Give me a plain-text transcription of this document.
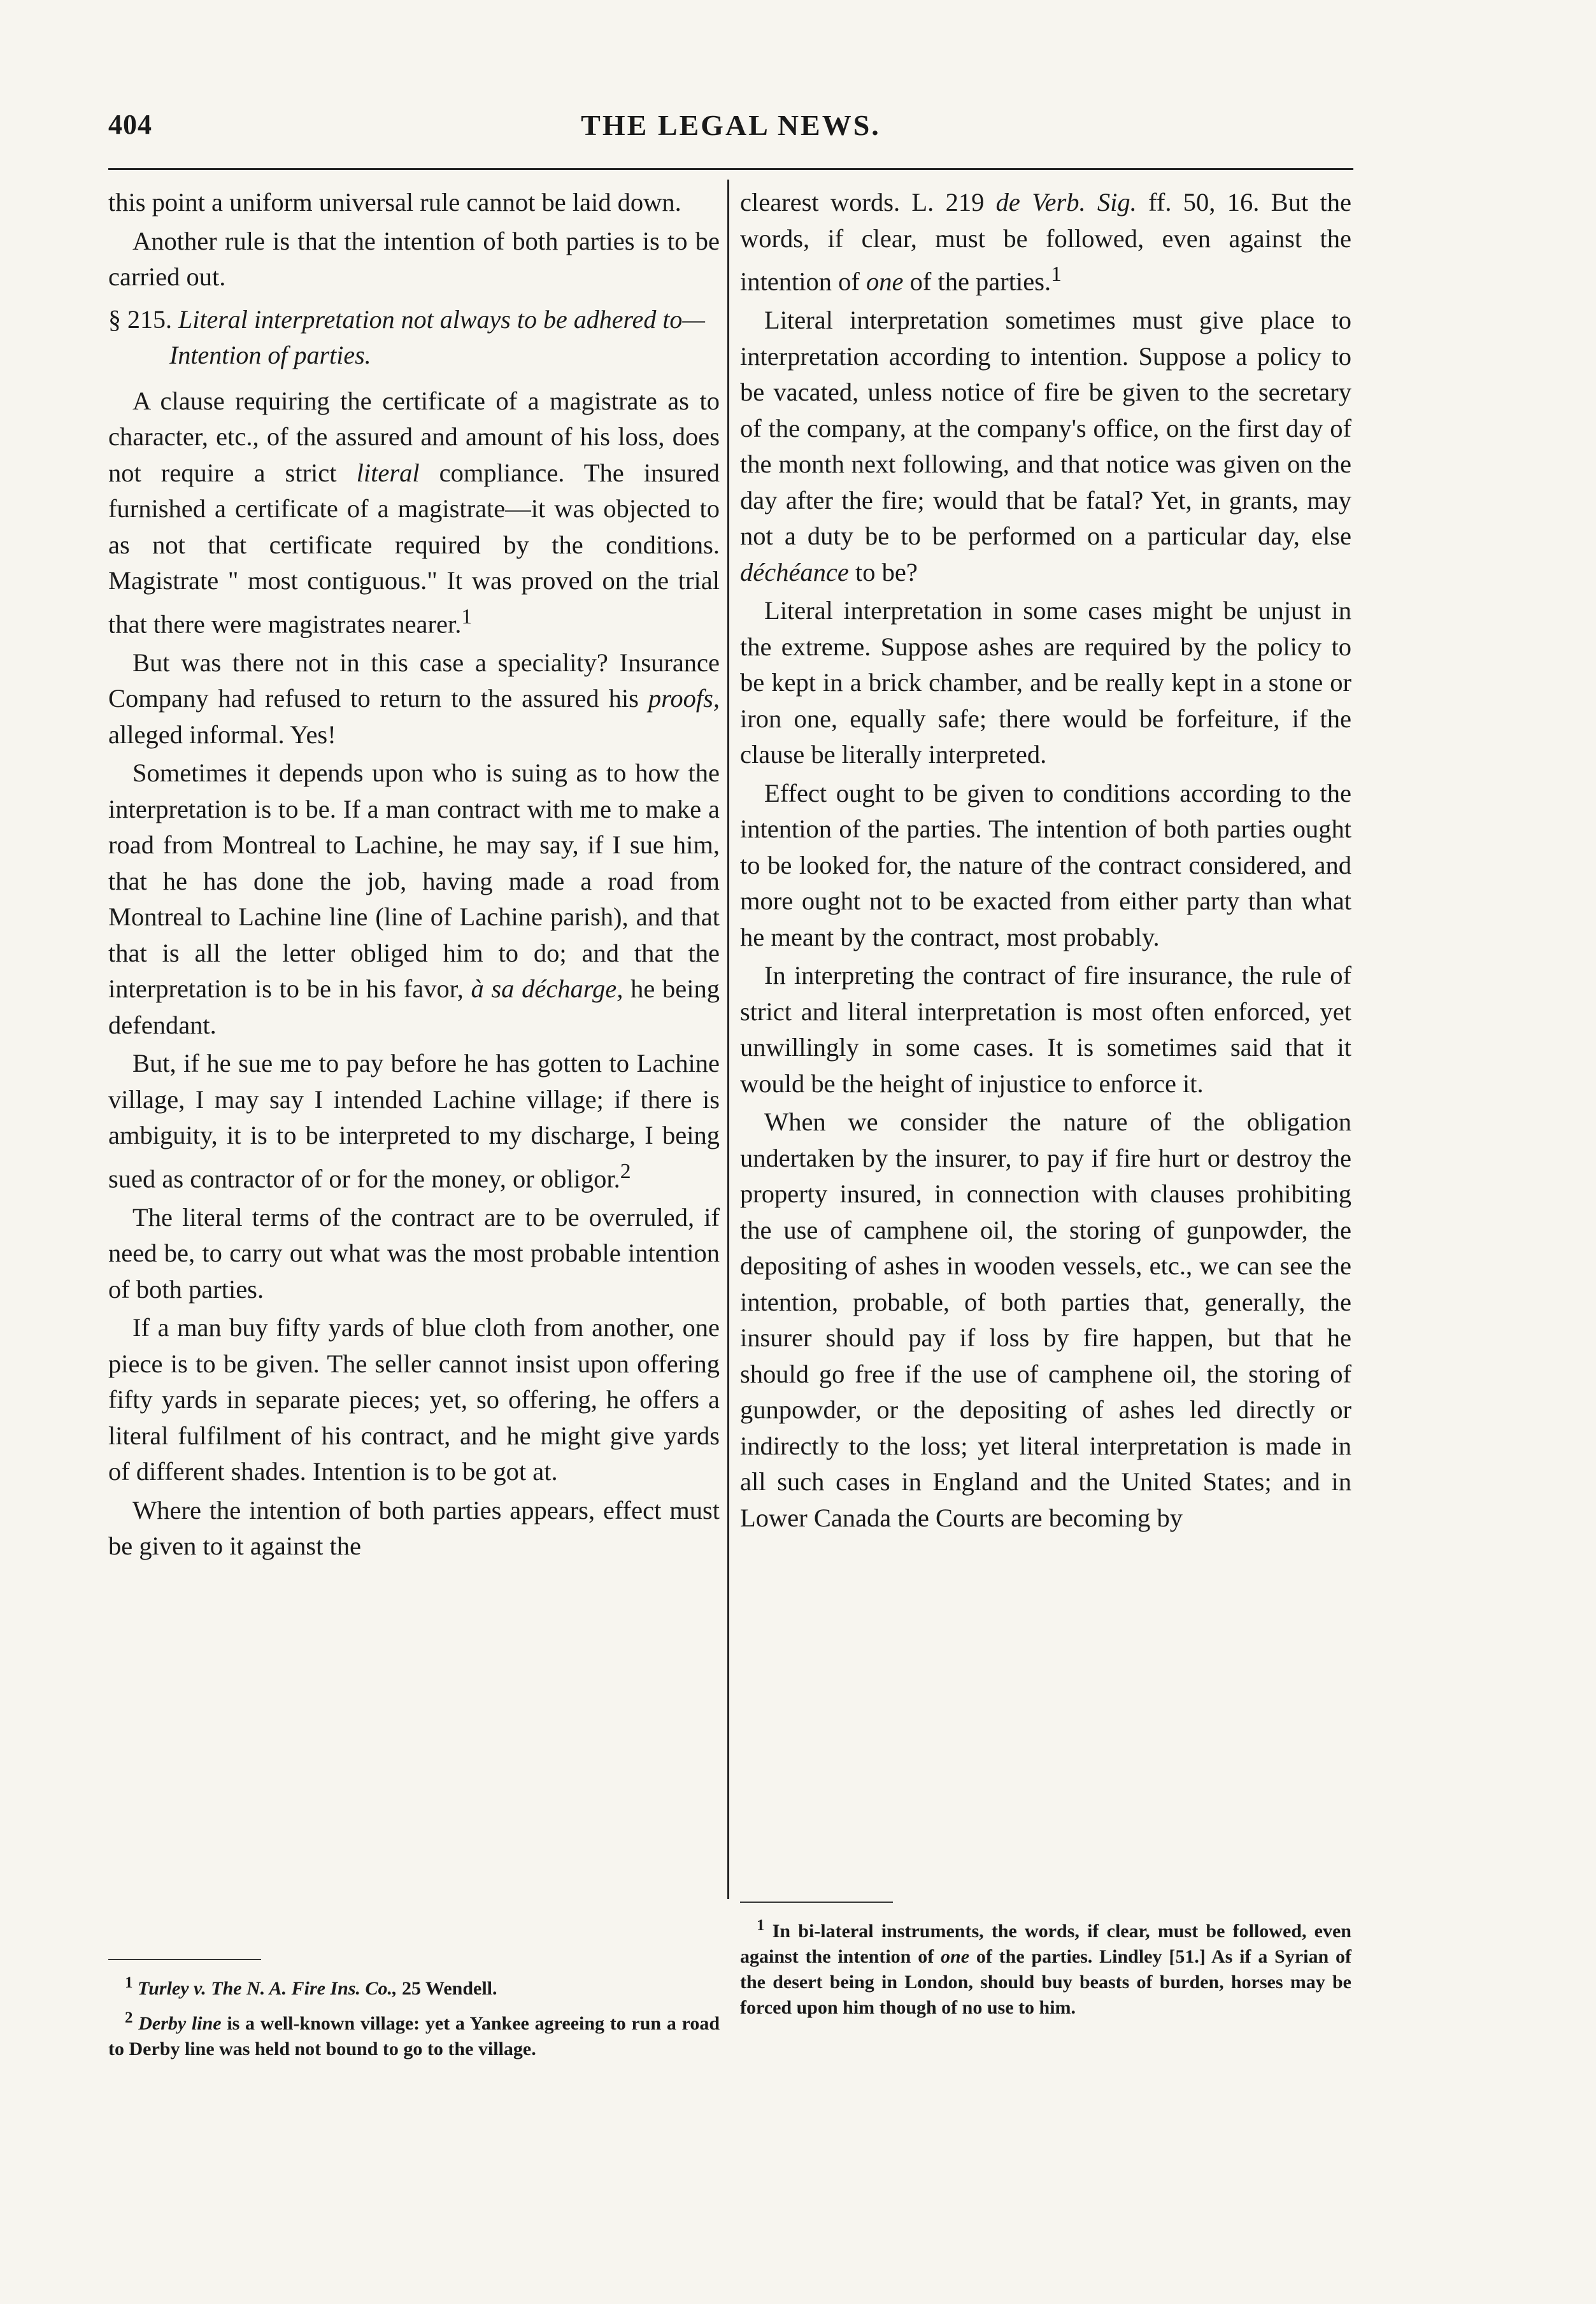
404	THE LEGAL NEWS.

this point a uniform universal rule cannot be laid down.

Another rule is that the intention of both parties is to be carried out.

§ 215. Literal interpretation not always to be adhered to—Intention of parties.

A clause requiring the certificate of a magistrate as to character, etc., of the assured and amount of his loss, does not require a strict literal compliance. The insured furnished a certificate of a magistrate—it was objected to as not that certificate required by the conditions. Magistrate " most contiguous." It was proved on the trial that there were magistrates nearer.$^1$

But was there not in this case a speciality? Insurance Company had refused to return to the assured his proofs, alleged informal. Yes!

Sometimes it depends upon who is suing as to how the interpretation is to be. If a man contract with me to make a road from Montreal to Lachine, he may say, if I sue him, that he has done the job, having made a road from Montreal to Lachine line (line of Lachine parish), and that that is all the letter obliged him to do; and that the interpretation is to be in his favor, à sa décharge, he being defendant.

But, if he sue me to pay before he has gotten to Lachine village, I may say I intended Lachine village; if there is ambiguity, it is to be interpreted to my discharge, I being sued as contractor of or for the money, or obligor.$^2$

The literal terms of the contract are to be overruled, if need be, to carry out what was the most probable intention of both parties.

If a man buy fifty yards of blue cloth from another, one piece is to be given. The seller cannot insist upon offering fifty yards in separate pieces; yet, so offering, he offers a literal fulfilment of his contract, and he might give yards of different shades. Intention is to be got at.

Where the intention of both parties appears, effect must be given to it against the

$^1$ Turley v. The N. A. Fire Ins. Co., 25 Wendell.

$^2$ Derby line is a well-known village: yet a Yankee agreeing to run a road to Derby line was held not bound to go to the village.

clearest words. L. 219 de Verb. Sig. ff. 50, 16. But the words, if clear, must be followed, even against the intention of one of the parties.$^1$

Literal interpretation sometimes must give place to interpretation according to intention. Suppose a policy to be vacated, unless notice of fire be given to the secretary of the company, at the company's office, on the first day of the month next following, and that notice was given on the day after the fire; would that be fatal? Yet, in grants, may not a duty be to be performed on a particular day, else déchéance to be?

Literal interpretation in some cases might be unjust in the extreme. Suppose ashes are required by the policy to be kept in a brick chamber, and be really kept in a stone or iron one, equally safe; there would be forfeiture, if the clause be literally interpreted.

Effect ought to be given to conditions according to the intention of the parties. The intention of both parties ought to be looked for, the nature of the contract considered, and more ought not to be exacted from either party than what he meant by the contract, most probably.

In interpreting the contract of fire insurance, the rule of strict and literal interpretation is most often enforced, yet unwillingly in some cases. It is sometimes said that it would be the height of injustice to enforce it.

When we consider the nature of the obligation undertaken by the insurer, to pay if fire hurt or destroy the property insured, in connection with clauses prohibiting the use of camphene oil, the storing of gunpowder, the depositing of ashes in wooden vessels, etc., we can see the intention, probable, of both parties that, generally, the insurer should pay if loss by fire happen, but that he should go free if the use of camphene oil, the storing of gunpowder, or the depositing of ashes led directly or indirectly to the loss; yet literal interpretation is made in all such cases in England and the United States; and in Lower Canada the Courts are becoming by

$^1$ In bi-lateral instruments, the words, if clear, must be followed, even against the intention of one of the parties. Lindley [51.] As if a Syrian of the desert being in London, should buy beasts of burden, horses may be forced upon him though of no use to him.
